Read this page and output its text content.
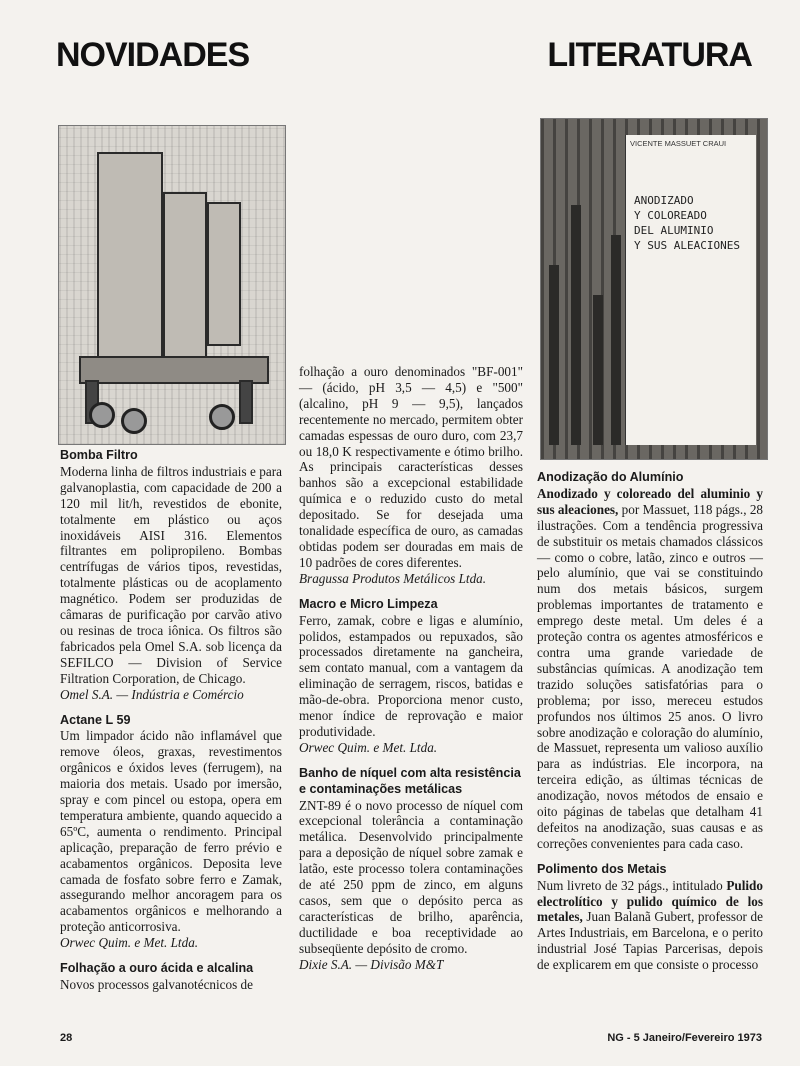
NOVIDADES	LITERATURA
VICENTE MASSUET CRAUI
ANODIZADO
Y COLOREADO
DEL ALUMINIO
Y SUS ALEACIONES
Bomba Filtro

Moderna linha de filtros industriais e para galvanoplastia, com capacidade de 200 a 120 mil lit/h, revestidos de ebonite, totalmente em plástico ou aços inoxidáveis AISI 316. Elementos filtrantes em polipropileno. Bombas centrífugas de vários tipos, revestidas, totalmente plásticas ou de acoplamento magnético. Podem ser produzidas de câmaras de purificação por carvão ativo ou resinas de troca iônica. Os filtros são fabricados pela Omel S.A. sob licença da SEFILCO — Division of Service Filtration Corporation, de Chicago.

Omel S.A. — Indústria e Comércio

Actane L 59

Um limpador ácido não inflamável que remove óleos, graxas, revestimentos orgânicos e óxidos leves (ferrugem), na maioria dos metais. Usado por imersão, spray e com pincel ou estopa, opera em temperatura ambiente, quando aquecido a 65ºC, aumenta o rendimento. Principal aplicação, preparação de ferro prévio e acabamentos orgânicos. Deposita leve camada de fosfato sobre ferro e Zamak, assegurando melhor ancoragem para os acabamentos orgânicos e melhorando a proteção anticorrosiva.

Orwec Quim. e Met. Ltda.

Folhação a ouro ácida e alcalina

Novos processos galvanotécnicos de

folhação a ouro denominados "BF-001" — (ácido, pH 3,5 — 4,5) e "500" (alcalino, pH 9 — 9,5), lançados recentemente no mercado, permitem obter camadas espessas de ouro duro, com 23,7 ou 18,0 K respectivamente e ótimo brilho. As principais características desses banhos são a excepcional estabilidade química e o reduzido custo do metal depositado. Se for desejada uma tonalidade específica de ouro, as camadas obtidas podem ser douradas em mais de 10 padrões de cores diferentes.

Bragussa Produtos Metálicos Ltda.

Macro e Micro Limpeza

Ferro, zamak, cobre e ligas e alumínio, polidos, estampados ou repuxados, são processados diretamente na gancheira, sem contato manual, com a vantagem da eliminação de serragem, riscos, batidas e mão-de-obra. Proporciona menor custo, menor índice de reprovação e maior produtividade.

Orwec Quim. e Met. Ltda.

Banho de níquel com alta resistência e contaminações metálicas

ZNT-89 é o novo processo de níquel com excepcional tolerância a contaminação metálica. Desenvolvido principalmente para a deposição de níquel sobre zamak e latão, este processo tolera contaminações de até 250 ppm de zinco, em alguns casos, sem que o depósito perca as características de brilho, aparência, ductilidade e boa receptividade ao subseqüente depósito de cromo.

Dixie S.A. — Divisão M&T

Anodização do Alumínio

Anodizado y coloreado del aluminio y sus aleaciones, por Massuet, 118 págs., 28 ilustrações. Com a tendência progressiva de substituir os metais chamados clássicos — como o cobre, latão, zinco e outros — pelo alumínio, que vai se constituindo num dos metais básicos, surgem problemas importantes de tratamento e emprego deste metal. Um deles é a proteção contra os agentes atmosféricos e contra uma grande variedade de substâncias químicas. A anodização tem trazido soluções satisfatórias para o problema; por isso, mereceu estudos profundos nos últimos 25 anos. O livro sobre anodização e coloração do alumínio, de Massuet, representa um valioso auxílio para as indústrias. Ele incorpora, na terceira edição, as últimas técnicas de anodização, novos métodos de ensaio e oito páginas de tabelas que detalham 41 defeitos na anodização, suas causas e as correções convenientes para cada caso.

Polimento dos Metais

Num livreto de 32 págs., intitulado Pulido electrolítico y pulido químico de los metales, Juan Balanã Gubert, professor de Artes Industriais, em Barcelona, e o perito industrial José Tapias Parcerisas, depois de explicarem em que consiste o processo

28	NG - 5 Janeiro/Fevereiro 1973
